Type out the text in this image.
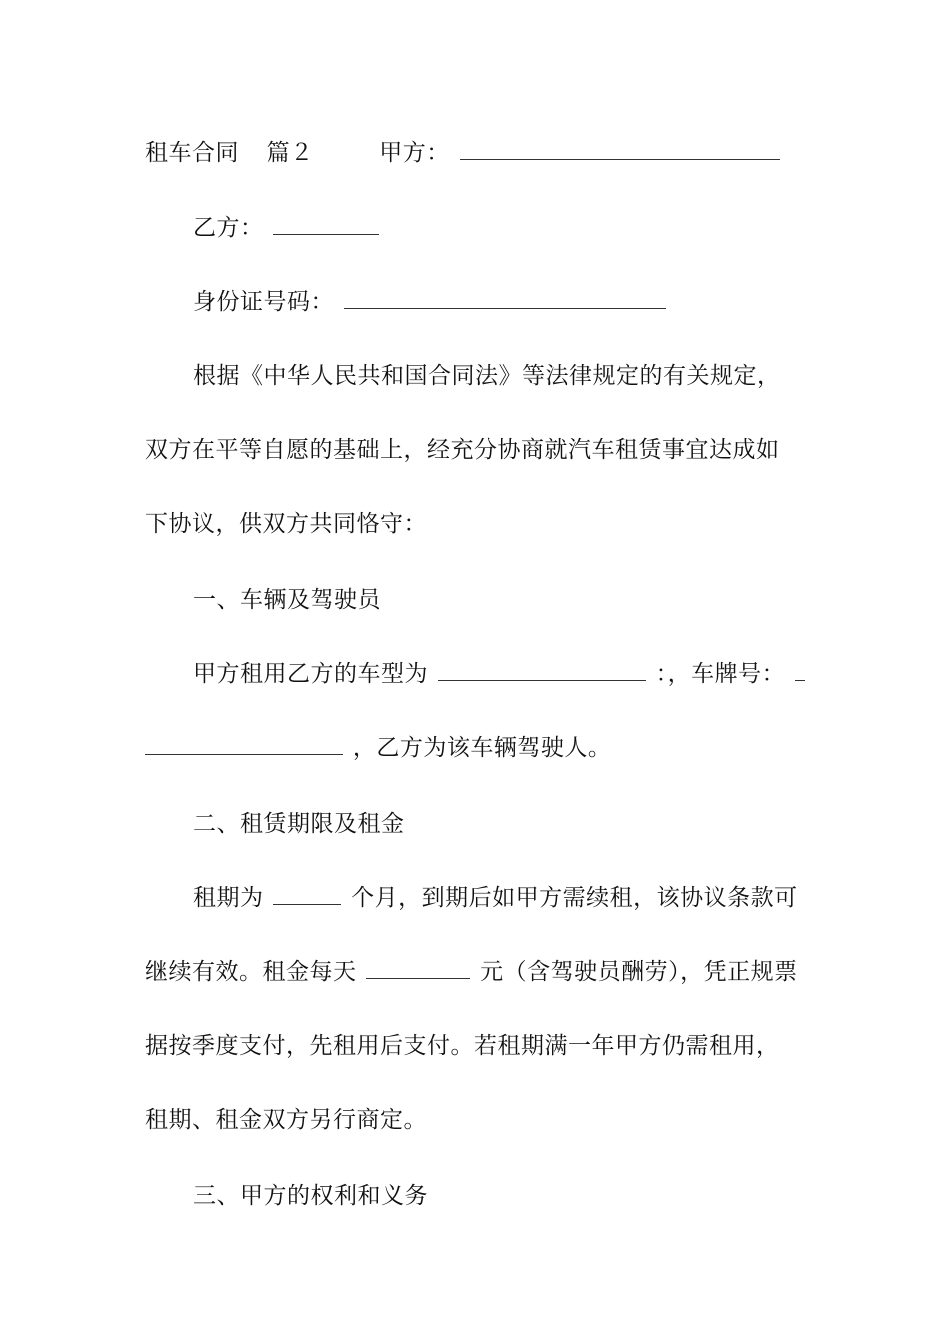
租车合同 篇２	甲方：
乙方：
身份证号码：
根据《中华人民共和国合同法》等法律规定的有关规定，
双方在平等自愿的基础上，经充分协商就汽车租赁事宜达成如
下协议，供双方共同恪守：
一、车辆及驾驶员
甲方租用乙方的车型为	：，车牌号：
，乙方为该车辆驾驶人。
二、租赁期限及租金
租期为	个月，到期后如甲方需续租，该协议条款可
继续有效。租金每天	元（含驾驶员酬劳），凭正规票
据按季度支付，先租用后支付。若租期满一年甲方仍需租用，
租期、租金双方另行商定。
三、甲方的权利和义务
